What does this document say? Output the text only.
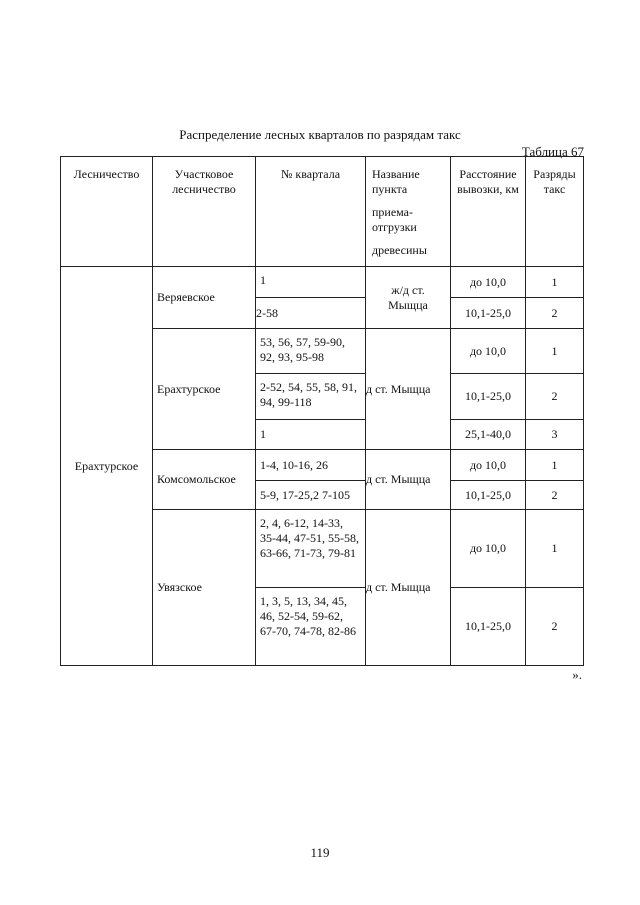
Распределение лесных кварталов по разрядам такс
Таблица 67
Лесничество	Участковое лесничество	№ квартала	Название пункта
приема-отгрузки
древесины	Расстояние вывозки, км	Разряды такс
Ерахтурское	Веряевское	1	ж/д ст. Мыщца	до 10,0	1
		2-58		10,1-25,0	2
	Ерахтурское	53, 56, 57, 59-90, 92, 93, 95-98	д ст. Мыщца	до 10,0	1
		2-52, 54, 55, 58, 91, 94, 99-118		10,1-25,0	2
		1		25,1-40,0	3
	Комсомольское	1-4, 10-16, 26	д ст. Мыщца	до 10,0	1
		5-9, 17-25,2 7-105		10,1-25,0	2
	Увязское	2, 4, 6-12, 14-33, 35-44, 47-51, 55-58, 63-66, 71-73, 79-81	д ст. Мыщца	до 10,0	1
		1, 3, 5, 13, 34, 45, 46, 52-54, 59-62, 67-70, 74-78, 82-86		10,1-25,0	2
».
119
